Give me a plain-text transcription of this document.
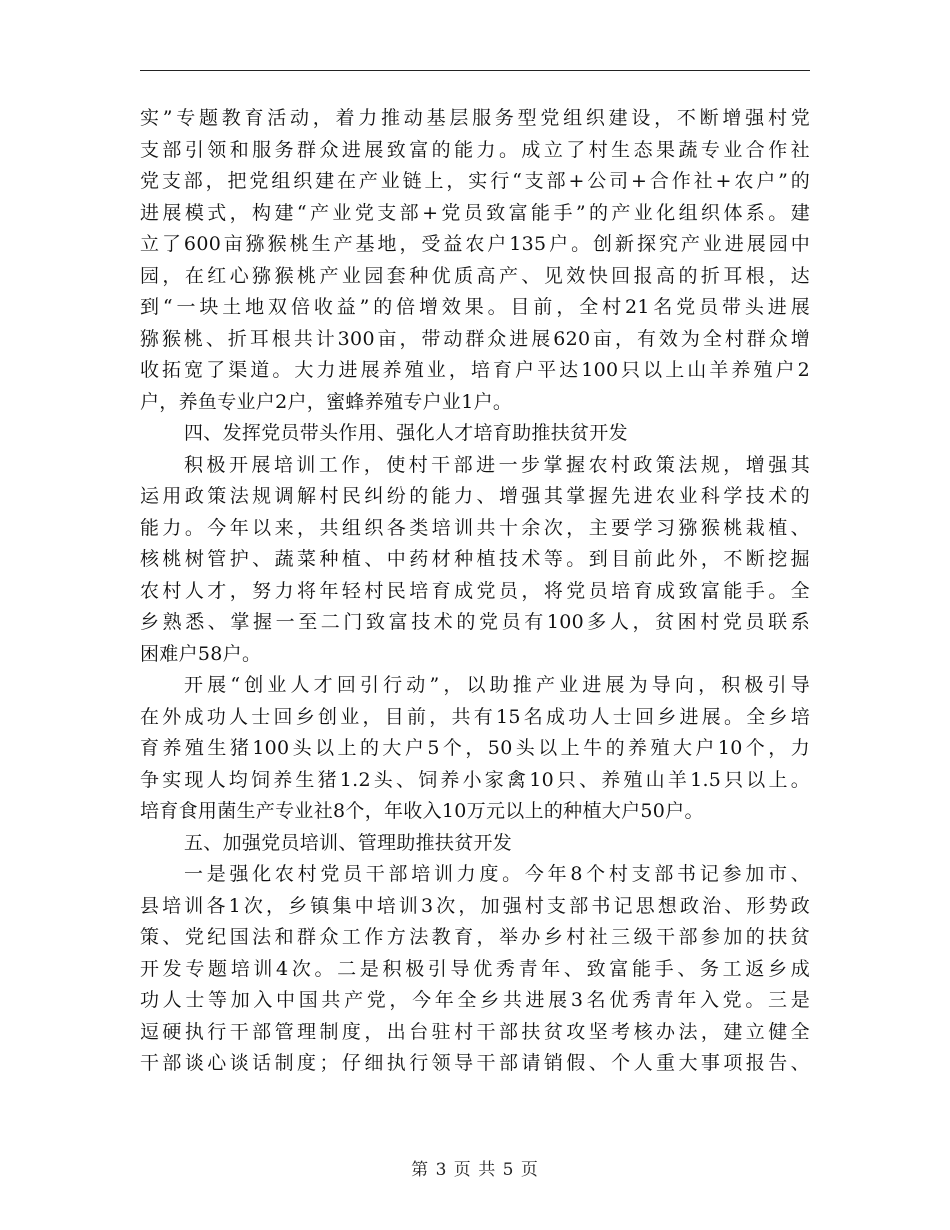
实”专题教育活动，着力推动基层服务型党组织建设，不断增强村党
支部引领和服务群众进展致富的能力。成立了村生态果蔬专业合作社
党支部，把党组织建在产业链上，实行“支部+公司+合作社+农户”的
进展模式，构建“产业党支部+党员致富能手”的产业化组织体系。建
立了600亩猕猴桃生产基地，受益农户135户。创新探究产业进展园中
园，在红心猕猴桃产业园套种优质高产、见效快回报高的折耳根，达
到“一块土地双倍收益”的倍增效果。目前，全村21名党员带头进展
猕猴桃、折耳根共计300亩，带动群众进展620亩，有效为全村群众增
收拓宽了渠道。大力进展养殖业，培育户平达100只以上山羊养殖户2
户，养鱼专业户2户，蜜蜂养殖专户业1户。
四、发挥党员带头作用、强化人才培育助推扶贫开发
积极开展培训工作，使村干部进一步掌握农村政策法规，增强其
运用政策法规调解村民纠纷的能力、增强其掌握先进农业科学技术的
能力。今年以来，共组织各类培训共十余次，主要学习猕猴桃栽植、
核桃树管护、蔬菜种植、中药材种植技术等。到目前此外，不断挖掘
农村人才，努力将年轻村民培育成党员，将党员培育成致富能手。全
乡熟悉、掌握一至二门致富技术的党员有100多人，贫困村党员联系
困难户58户。
开展“创业人才回引行动”，以助推产业进展为导向，积极引导
在外成功人士回乡创业，目前，共有15名成功人士回乡进展。全乡培
育养殖生猪100头以上的大户5个，50头以上牛的养殖大户10个，力
争实现人均饲养生猪1.2头、饲养小家禽10只、养殖山羊1.5只以上。
培育食用菌生产专业社8个，年收入10万元以上的种植大户50户。
五、加强党员培训、管理助推扶贫开发
一是强化农村党员干部培训力度。今年8个村支部书记参加市、
县培训各1次，乡镇集中培训3次，加强村支部书记思想政治、形势政
策、党纪国法和群众工作方法教育，举办乡村社三级干部参加的扶贫
开发专题培训4次。二是积极引导优秀青年、致富能手、务工返乡成
功人士等加入中国共产党，今年全乡共进展3名优秀青年入党。三是
逗硬执行干部管理制度，出台驻村干部扶贫攻坚考核办法，建立健全
干部谈心谈话制度；仔细执行领导干部请销假、个人重大事项报告、
第 3 页 共 5 页
